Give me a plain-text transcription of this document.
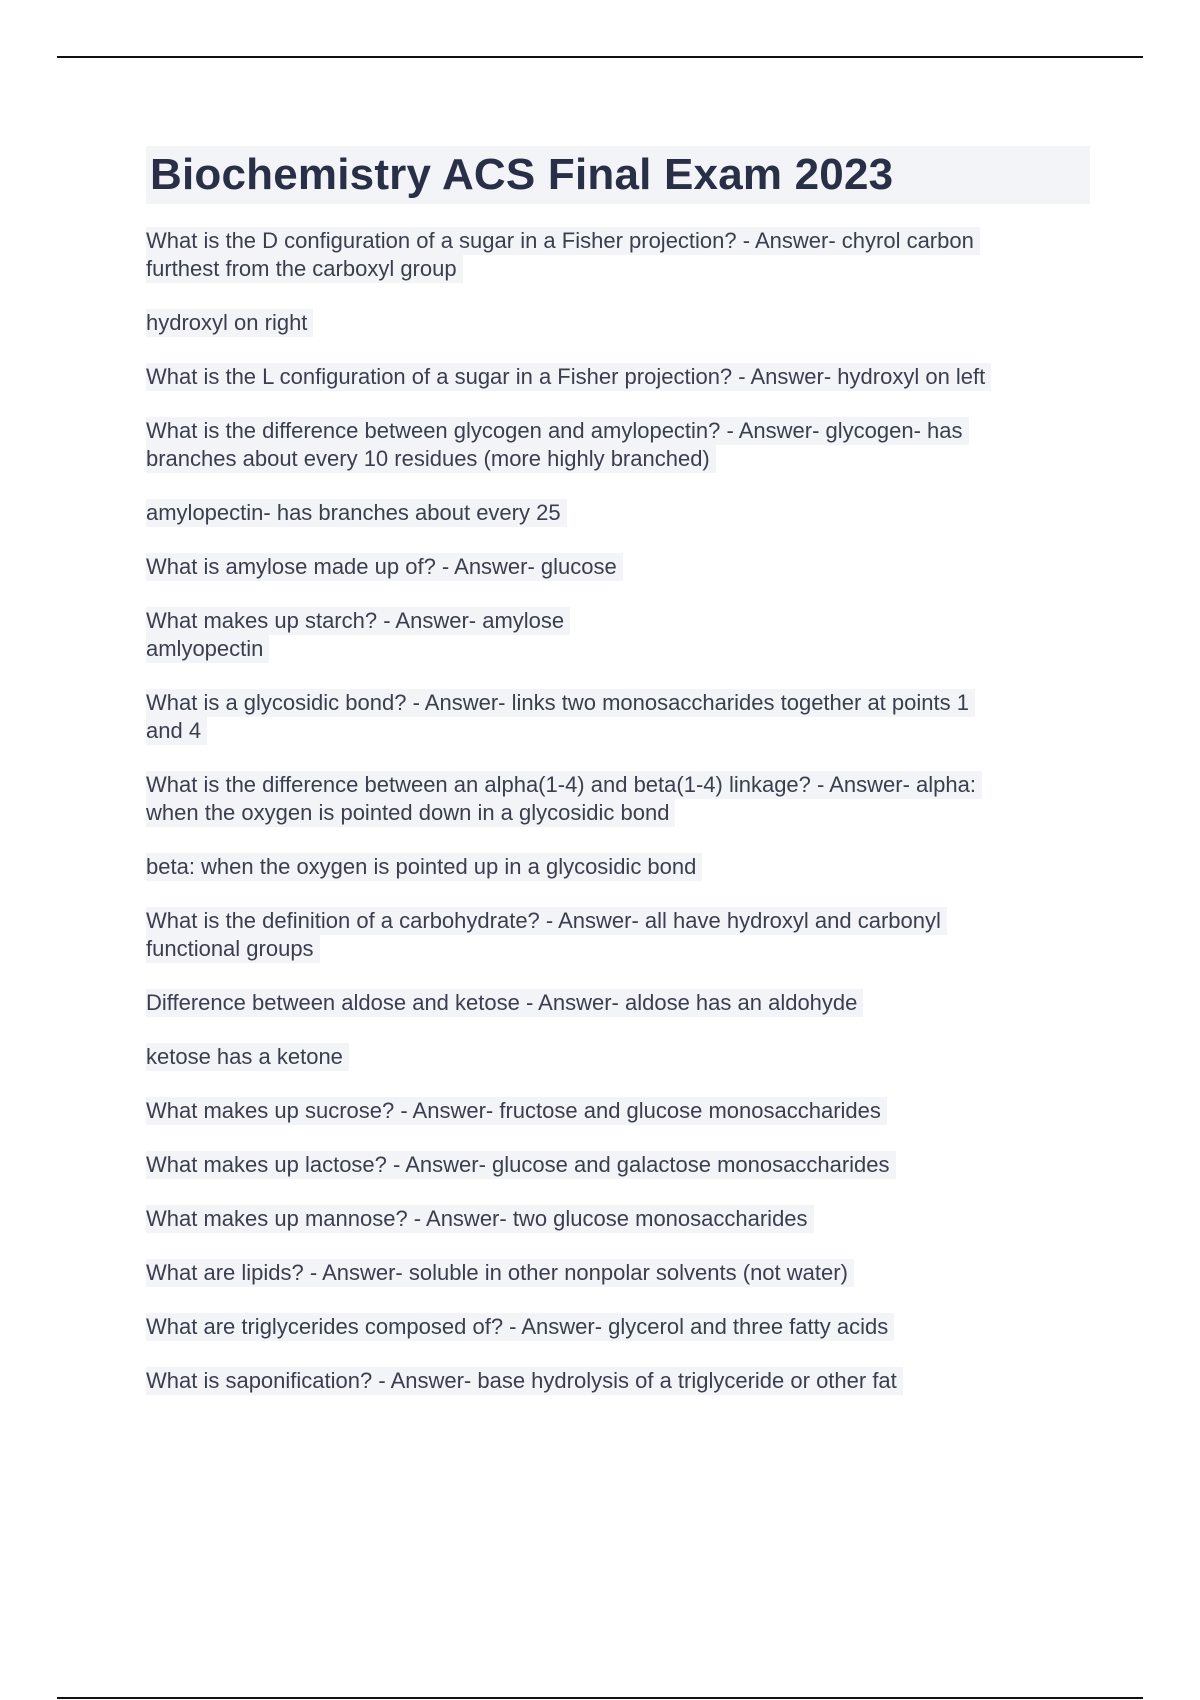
Biochemistry ACS Final Exam 2023

What is the D configuration of a sugar in a Fisher projection? - Answer- chyrol carbon
furthest from the carboxyl group

hydroxyl on right

What is the L configuration of a sugar in a Fisher projection? - Answer- hydroxyl on left

What is the difference between glycogen and amylopectin? - Answer- glycogen- has
branches about every 10 residues (more highly branched)

amylopectin- has branches about every 25

What is amylose made up of? - Answer- glucose

What makes up starch? - Answer- amylose
amlyopectin

What is a glycosidic bond? - Answer- links two monosaccharides together at points 1
and 4

What is the difference between an alpha(1-4) and beta(1-4) linkage? - Answer- alpha:
when the oxygen is pointed down in a glycosidic bond

beta: when the oxygen is pointed up in a glycosidic bond

What is the definition of a carbohydrate? - Answer- all have hydroxyl and carbonyl
functional groups

Difference between aldose and ketose - Answer- aldose has an aldohyde

ketose has a ketone

What makes up sucrose? - Answer- fructose and glucose monosaccharides

What makes up lactose? - Answer- glucose and galactose monosaccharides

What makes up mannose? - Answer- two glucose monosaccharides

What are lipids? - Answer- soluble in other nonpolar solvents (not water)

What are triglycerides composed of? - Answer- glycerol and three fatty acids

What is saponification? - Answer- base hydrolysis of a triglyceride or other fat
